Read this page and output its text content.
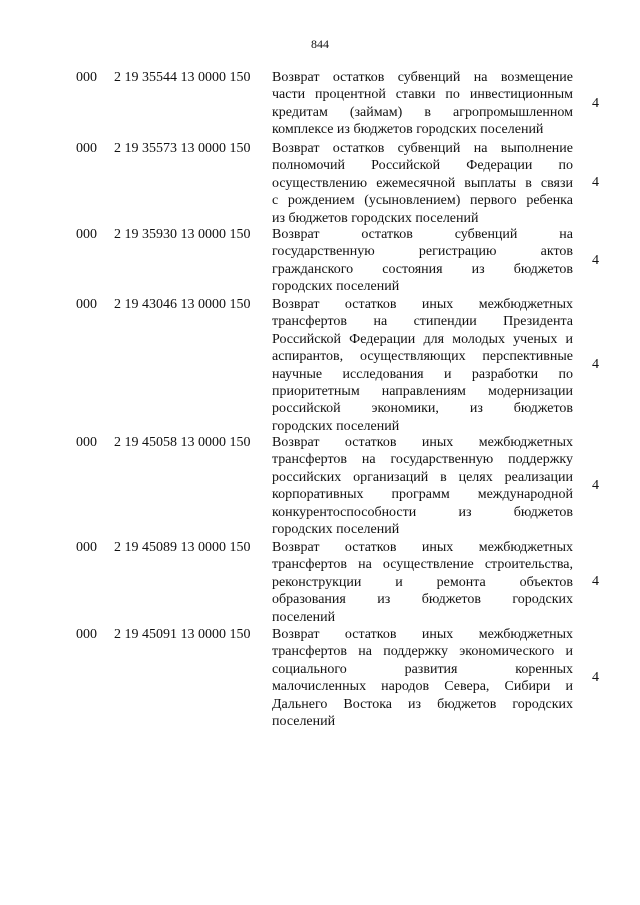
844
000 2 19 35544 13 0000 150 Возврат остатков субвенций на возмещение
части процентной ставки по инвестиционным
кредитам (займам) в агропромышленном
комплексе из бюджетов городских поселений
4
000 2 19 35573 13 0000 150 Возврат остатков субвенций на выполнение
полномочий Российской Федерации по
осуществлению ежемесячной выплаты в связи
с рождением (усыновлением) первого ребенка
из бюджетов городских поселений
4
000 2 19 35930 13 0000 150 Возврат остатков субвенций на
государственную регистрацию актов
гражданского состояния из бюджетов
городских поселений
4
000 2 19 43046 13 0000 150 Возврат остатков иных межбюджетных
трансфертов на стипендии Президента
Российской Федерации для молодых ученых и
аспирантов, осуществляющих перспективные
научные исследования и разработки по
приоритетным направлениям модернизации
российской экономики, из бюджетов
городских поселений
4
000 2 19 45058 13 0000 150 Возврат остатков иных межбюджетных
трансфертов на государственную поддержку
российских организаций в целях реализации
корпоративных программ международной
конкурентоспособности из бюджетов
городских поселений
4
000 2 19 45089 13 0000 150 Возврат остатков иных межбюджетных
трансфертов на осуществление строительства,
реконструкции и ремонта объектов
образования из бюджетов городских
поселений
4
000 2 19 45091 13 0000 150 Возврат остатков иных межбюджетных
трансфертов на поддержку экономического и
социального развития коренных
малочисленных народов Севера, Сибири и
Дальнего Востока из бюджетов городских
поселений
4
